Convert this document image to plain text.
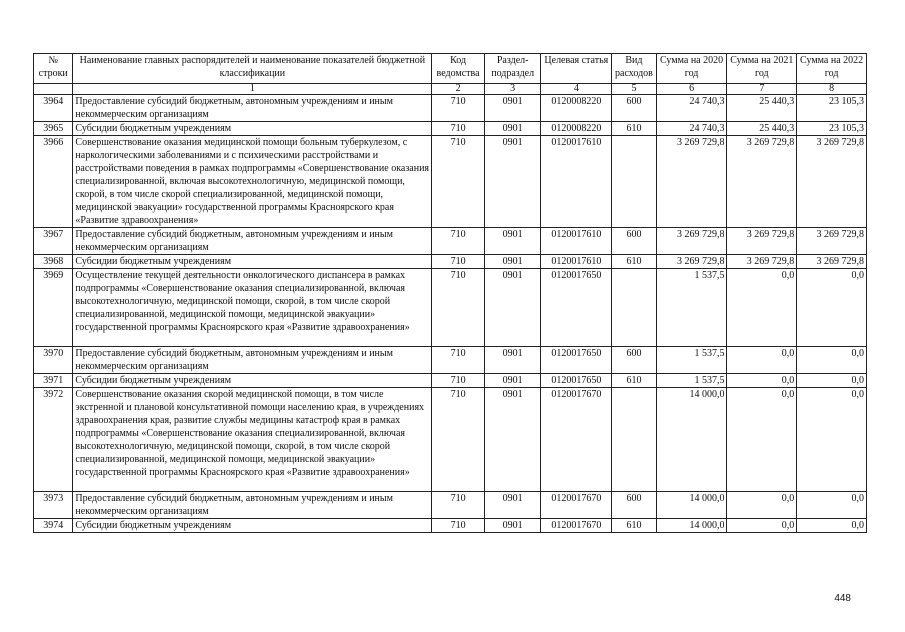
№ строки	Наименование главных распорядителей и наименование показателей бюджетной классификации	Код ведомства	Раздел-подраздел	Целевая статья	Вид расходов	Сумма на 2020 год	Сумма на 2021 год	Сумма на 2022 год
	1	2	3	4	5	6	7	8
3964	Предоставление субсидий бюджетным, автономным учреждениям и иным некоммерческим организациям	710	0901	0120008220	600	24 740,3	25 440,3	23 105,3
3965	Субсидии бюджетным учреждениям	710	0901	0120008220	610	24 740,3	25 440,3	23 105,3
3966	Совершенствование оказания медицинской помощи больным туберкулезом, с наркологическими заболеваниями и с психическими расстройствами и расстройствами поведения в рамках подпрограммы «Совершенствование оказания специализированной, включая высокотехнологичную, медицинской помощи, скорой, в том числе скорой специализированной, медицинской помощи, медицинской эвакуации» государственной программы Красноярского края «Развитие здравоохранения»	710	0901	0120017610		3 269 729,8	3 269 729,8	3 269 729,8
3967	Предоставление субсидий бюджетным, автономным учреждениям и иным некоммерческим организациям	710	0901	0120017610	600	3 269 729,8	3 269 729,8	3 269 729,8
3968	Субсидии бюджетным учреждениям	710	0901	0120017610	610	3 269 729,8	3 269 729,8	3 269 729,8
3969	Осуществление текущей деятельности онкологического диспансера в рамках подпрограммы «Совершенствование оказания специализированной, включая высокотехнологичную, медицинской помощи, скорой, в том числе скорой специализированной, медицинской помощи, медицинской эвакуации» государственной программы Красноярского края «Развитие здравоохранения»	710	0901	0120017650		1 537,5	0,0	0,0
3970	Предоставление субсидий бюджетным, автономным учреждениям и иным некоммерческим организациям	710	0901	0120017650	600	1 537,5	0,0	0,0
3971	Субсидии бюджетным учреждениям	710	0901	0120017650	610	1 537,5	0,0	0,0
3972	Совершенствование оказания скорой медицинской помощи, в том числе экстренной и плановой консультативной помощи населению края, в учреждениях здравоохранения края, развитие службы медицины катастроф края в рамках подпрограммы «Совершенствование оказания специализированной, включая высокотехнологичную, медицинской помощи, скорой, в том числе скорой специализированной, медицинской помощи, медицинской эвакуации» государственной программы Красноярского края «Развитие здравоохранения»	710	0901	0120017670		14 000,0	0,0	0,0
3973	Предоставление субсидий бюджетным, автономным учреждениям и иным некоммерческим организациям	710	0901	0120017670	600	14 000,0	0,0	0,0
3974	Субсидии бюджетным учреждениям	710	0901	0120017670	610	14 000,0	0,0	0,0
448
